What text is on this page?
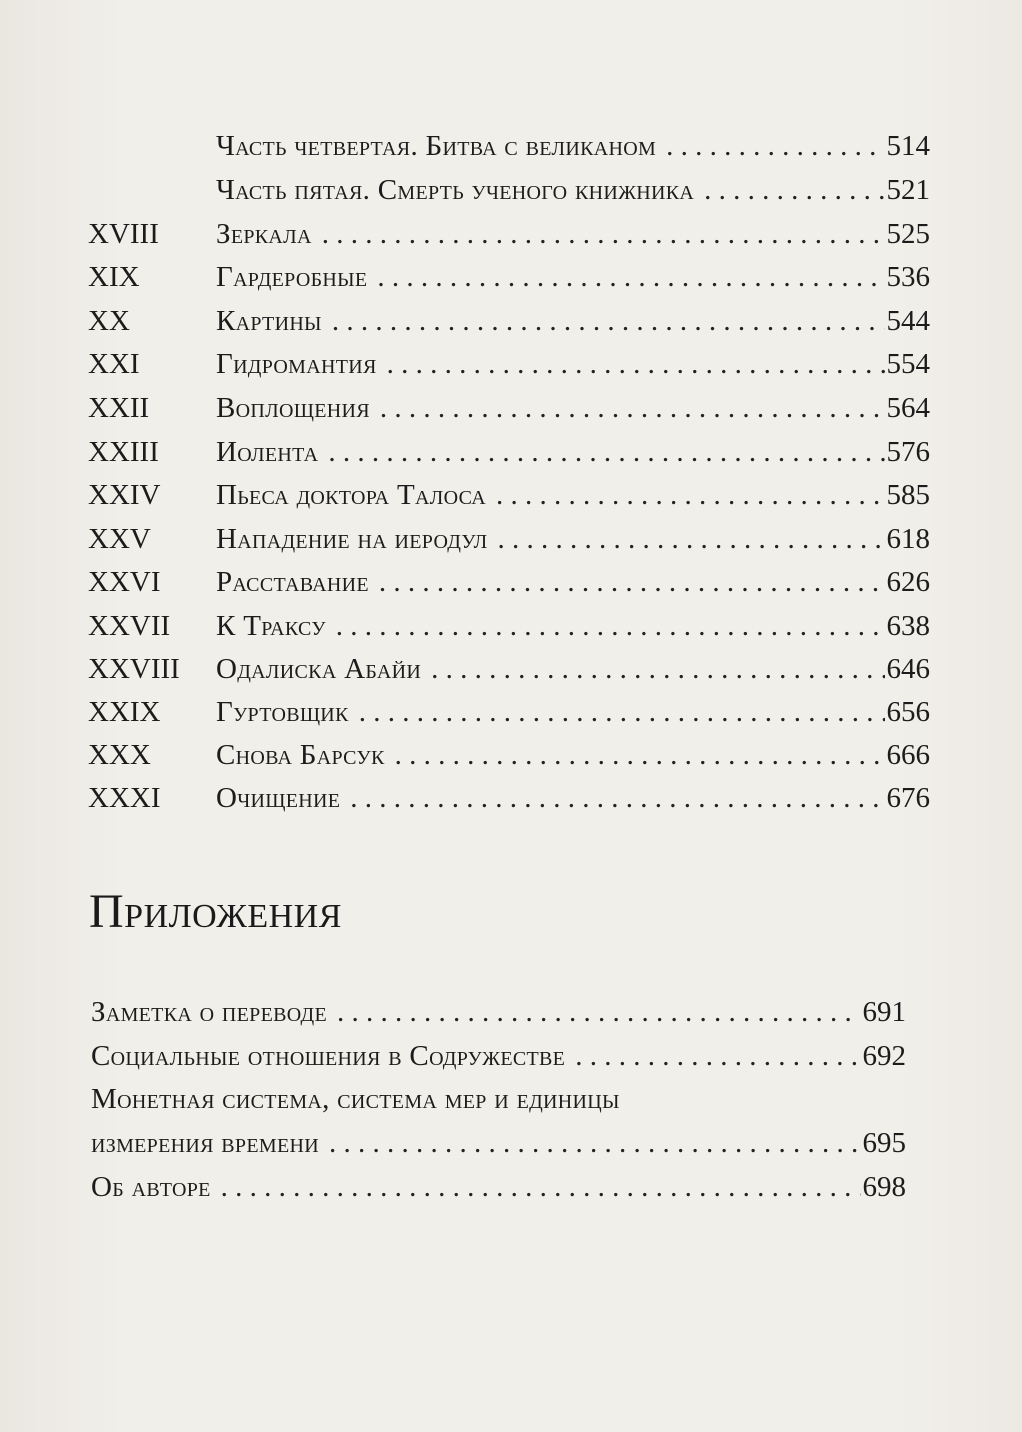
Часть четвертая. Битва с великаном . . .	514
Часть пятая. Смерть ученого книжника . . .	521
XVIII Зеркала . . .	525
XIX	Гардеробные . . .	536
XX	Картины . . .	544
XXI	Гидромантия . . .	554
XXII Воплощения . . .	564
XXIII Иолента . . .	576
XXIV Пьеса доктора Талоса . . .	585
XXV Нападение на иеродул . . .	618
XXVI Расставание . . .	626
XXVII К Траксу . . .	638
XXVIII Одалиска Абайи . . .	646
XXIX Гуртовщик . . .	656
XXX Снова Барсук . . .	666
XXXI Очищение . . .	676
Приложения
Заметка о переводе . . .	691
Социальные отношения в Содружестве . . .	692
Монетная система, система мер и единицы
измерения времени . . .	695
Об авторе . . .	698
